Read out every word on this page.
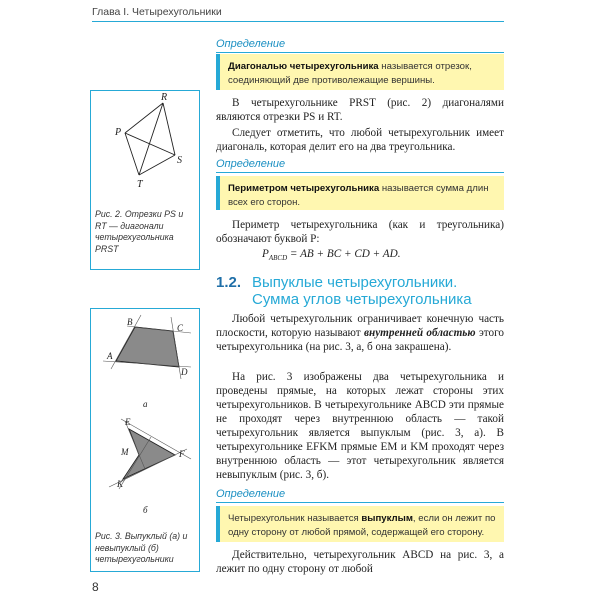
Глава I. Четырехугольники
Определение
Диагональю четырехугольника называется отрезок, соединяющий две противолежащие вершины.
В четырехугольнике PRST (рис. 2) диагоналями являются отрезки PS и RT.
Следует отметить, что любой четырехугольник имеет диагональ, которая делит его на два треугольника.
Определение
Периметром четырехугольника называется сумма длин всех его сторон.
Периметр четырехугольника (как и треугольника) обозначают буквой P:
$P_{ABCD}$ = AB + BC + CD + AD.
1.2. Выпуклые четырехугольники.
Сумма углов четырехугольника
Любой четырехугольник ограничивает конечную часть плоскости, которую называют внутренней областью этого четырехугольника (на рис. 3, а, б она закрашена).
На рис. 3 изображены два четырехугольника и проведены прямые, на которых лежат стороны этих четырехугольников. В четырехугольнике ABCD эти прямые не проходят через внутреннюю область — такой четырехугольник является выпуклым (рис. 3, а). В четырехугольнике EFKM прямые EM и KM проходят через внутреннюю область — этот четырехугольник является невыпуклым (рис. 3, б).
Определение
Четырехугольник называется выпуклым, если он лежит по одну сторону от любой прямой, содержащей его сторону.
Действительно, четырехугольник ABCD на рис. 3, а лежит по одну сторону от любой
R
P
S
T
Рис. 2. Отрезки PS и RT — диагонали четырехугольника PRST
A
B
C
D
а
E
F
K
M
б
Рис. 3. Выпуклый (а) и невыпуклый (б) четырехугольники
8
